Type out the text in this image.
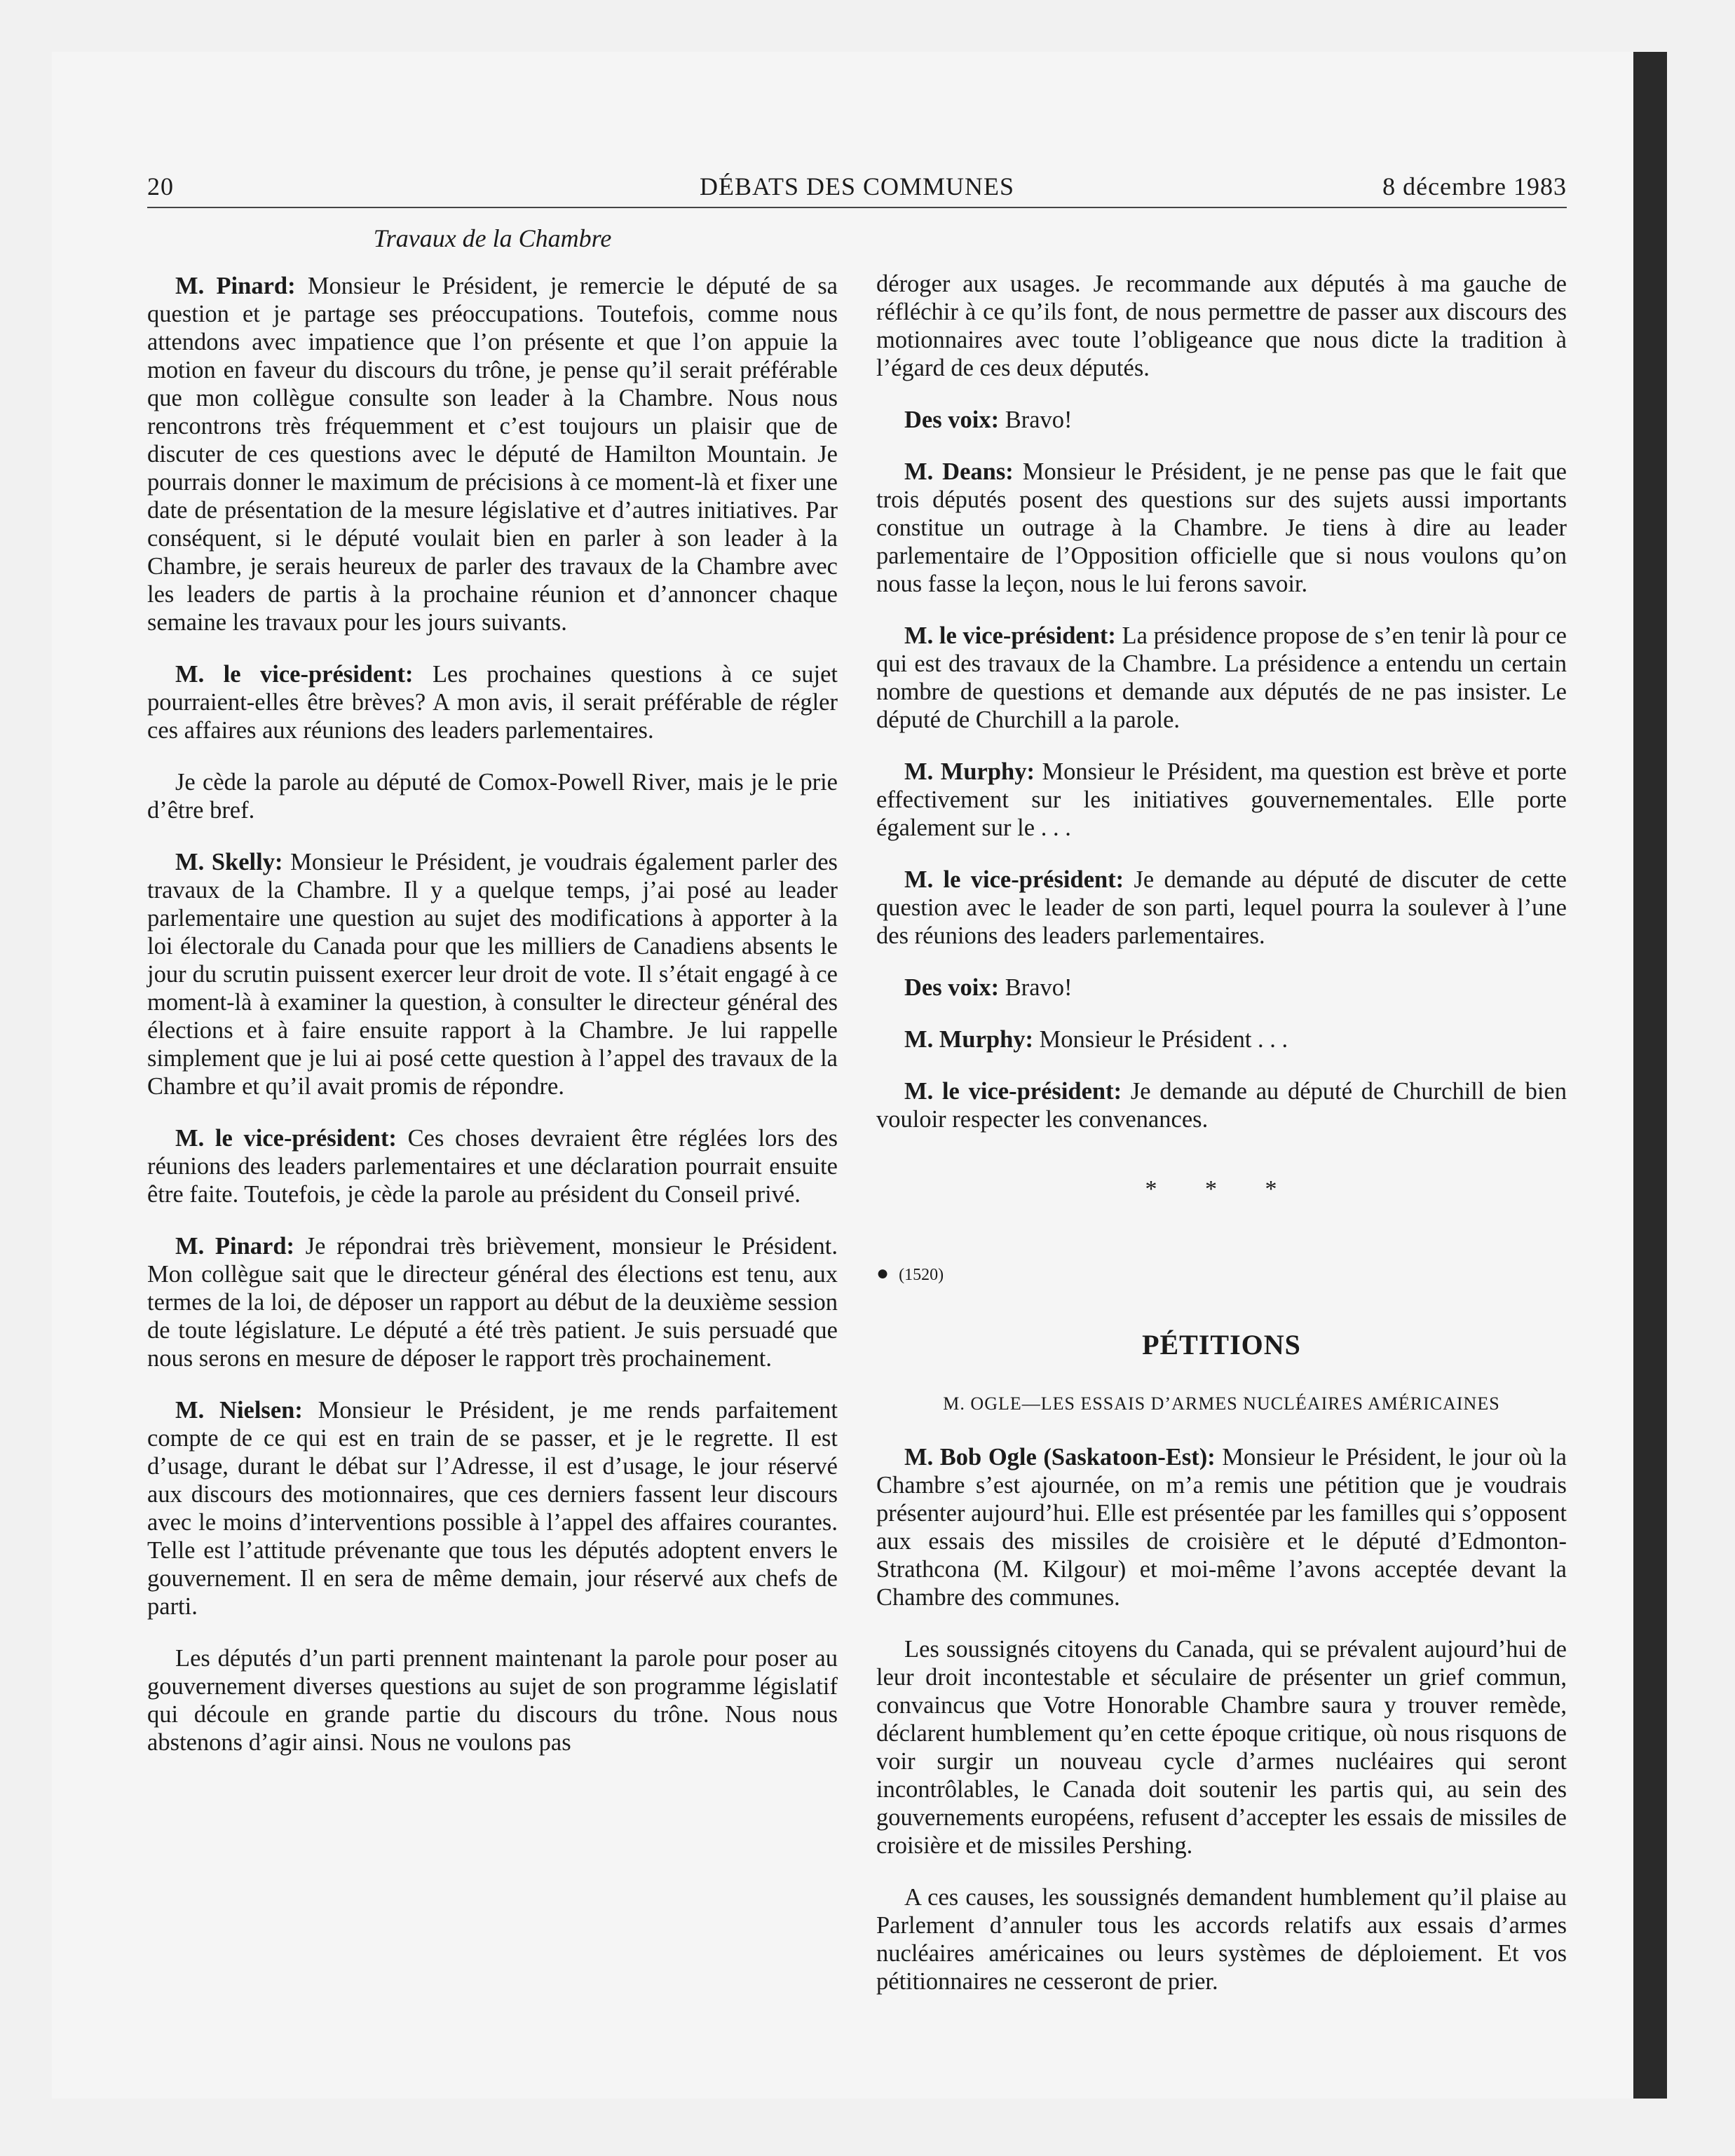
20	DÉBATS DES COMMUNES	8 décembre 1983
Travaux de la Chambre

M. Pinard: Monsieur le Président, je remercie le député de sa question et je partage ses préoccupations. Toutefois, comme nous attendons avec impatience que l’on présente et que l’on appuie la motion en faveur du discours du trône, je pense qu’il serait préférable que mon collègue consulte son leader à la Chambre. Nous nous rencontrons très fréquemment et c’est toujours un plaisir que de discuter de ces questions avec le député de Hamilton Mountain. Je pourrais donner le maximum de précisions à ce moment-là et fixer une date de présentation de la mesure législative et d’autres initiatives. Par conséquent, si le député voulait bien en parler à son leader à la Chambre, je serais heureux de parler des travaux de la Chambre avec les leaders de partis à la prochaine réunion et d’annoncer chaque semaine les travaux pour les jours suivants.

M. le vice-président: Les prochaines questions à ce sujet pourraient-elles être brèves? A mon avis, il serait préférable de régler ces affaires aux réunions des leaders parlementaires.

Je cède la parole au député de Comox-Powell River, mais je le prie d’être bref.

M. Skelly: Monsieur le Président, je voudrais également parler des travaux de la Chambre. Il y a quelque temps, j’ai posé au leader parlementaire une question au sujet des modifications à apporter à la loi électorale du Canada pour que les milliers de Canadiens absents le jour du scrutin puissent exercer leur droit de vote. Il s’était engagé à ce moment-là à examiner la question, à consulter le directeur général des élections et à faire ensuite rapport à la Chambre. Je lui rappelle simplement que je lui ai posé cette question à l’appel des travaux de la Chambre et qu’il avait promis de répondre.

M. le vice-président: Ces choses devraient être réglées lors des réunions des leaders parlementaires et une déclaration pourrait ensuite être faite. Toutefois, je cède la parole au président du Conseil privé.

M. Pinard: Je répondrai très brièvement, monsieur le Président. Mon collègue sait que le directeur général des élections est tenu, aux termes de la loi, de déposer un rapport au début de la deuxième session de toute législature. Le député a été très patient. Je suis persuadé que nous serons en mesure de déposer le rapport très prochainement.

M. Nielsen: Monsieur le Président, je me rends parfaitement compte de ce qui est en train de se passer, et je le regrette. Il est d’usage, durant le débat sur l’Adresse, il est d’usage, le jour réservé aux discours des motionnaires, que ces derniers fassent leur discours avec le moins d’interventions possible à l’appel des affaires courantes. Telle est l’attitude prévenante que tous les députés adoptent envers le gouvernement. Il en sera de même demain, jour réservé aux chefs de parti.

Les députés d’un parti prennent maintenant la parole pour poser au gouvernement diverses questions au sujet de son programme législatif qui découle en grande partie du discours du trône. Nous nous abstenons d’agir ainsi. Nous ne voulons pas

déroger aux usages. Je recommande aux députés à ma gauche de réfléchir à ce qu’ils font, de nous permettre de passer aux discours des motionnaires avec toute l’obligeance que nous dicte la tradition à l’égard de ces deux députés.

Des voix: Bravo!

M. Deans: Monsieur le Président, je ne pense pas que le fait que trois députés posent des questions sur des sujets aussi importants constitue un outrage à la Chambre. Je tiens à dire au leader parlementaire de l’Opposition officielle que si nous voulons qu’on nous fasse la leçon, nous le lui ferons savoir.

M. le vice-président: La présidence propose de s’en tenir là pour ce qui est des travaux de la Chambre. La présidence a entendu un certain nombre de questions et demande aux députés de ne pas insister. Le député de Churchill a la parole.

M. Murphy: Monsieur le Président, ma question est brève et porte effectivement sur les initiatives gouvernementales. Elle porte également sur le . . .

M. le vice-président: Je demande au député de discuter de cette question avec le leader de son parti, lequel pourra la soulever à l’une des réunions des leaders parlementaires.

Des voix: Bravo!

M. Murphy: Monsieur le Président . . .

M. le vice-président: Je demande au député de Churchill de bien vouloir respecter les convenances.

* * *
● (1520)
PÉTITIONS
M. OGLE—LES ESSAIS D’ARMES NUCLÉAIRES AMÉRICAINES

M. Bob Ogle (Saskatoon-Est): Monsieur le Président, le jour où la Chambre s’est ajournée, on m’a remis une pétition que je voudrais présenter aujourd’hui. Elle est présentée par les familles qui s’opposent aux essais des missiles de croisière et le député d’Edmonton-Strathcona (M. Kilgour) et moi-même l’avons acceptée devant la Chambre des communes.

Les soussignés citoyens du Canada, qui se prévalent aujourd’hui de leur droit incontestable et séculaire de présenter un grief commun, convaincus que Votre Honorable Chambre saura y trouver remède, déclarent humblement qu’en cette époque critique, où nous risquons de voir surgir un nouveau cycle d’armes nucléaires qui seront incontrôlables, le Canada doit soutenir les partis qui, au sein des gouvernements européens, refusent d’accepter les essais de missiles de croisière et de missiles Pershing.

A ces causes, les soussignés demandent humblement qu’il plaise au Parlement d’annuler tous les accords relatifs aux essais d’armes nucléaires américaines ou leurs systèmes de déploiement. Et vos pétitionnaires ne cesseront de prier.
